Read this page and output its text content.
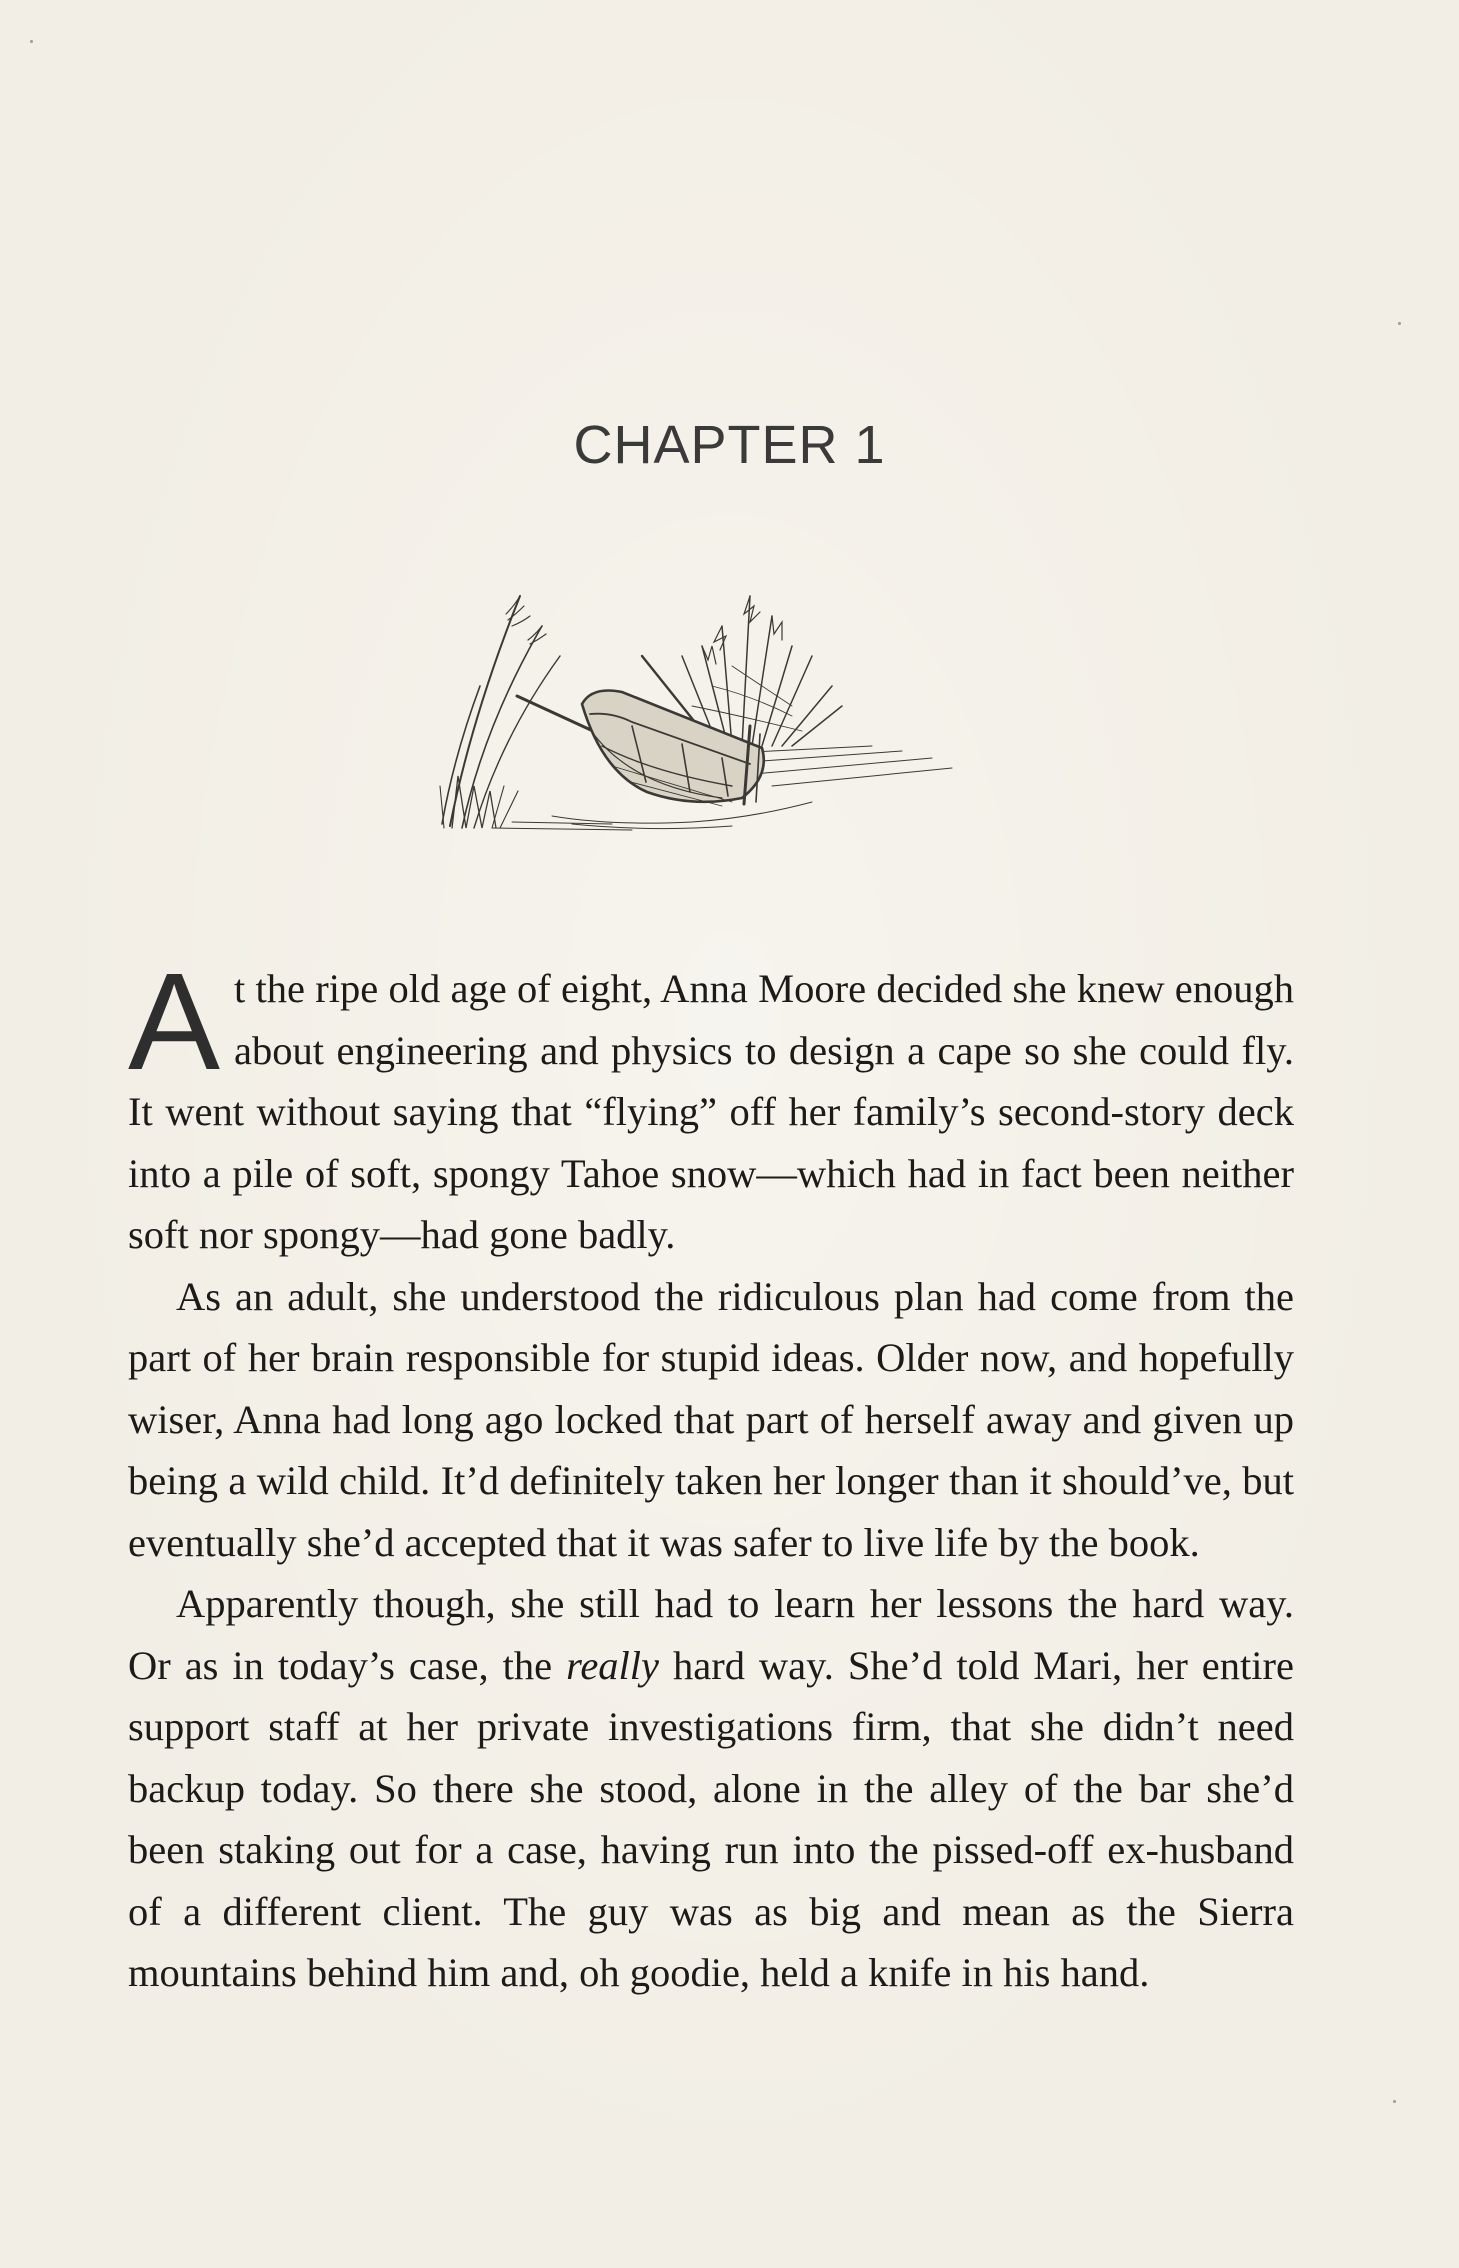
CHAPTER 1

At the ripe old age of eight, Anna Moore decided she knew enough about engineering and physics to design a cape so she could fly. It went without saying that “flying” off her family’s second-story deck into a pile of soft, spongy Tahoe snow—which had in fact been neither soft nor spongy—had gone badly.

As an adult, she understood the ridiculous plan had come from the part of her brain responsible for stupid ideas. Older now, and hopefully wiser, Anna had long ago locked that part of herself away and given up being a wild child. It’d definitely taken her longer than it should’ve, but eventually she’d accepted that it was safer to live life by the book.

Apparently though, she still had to learn her lessons the hard way. Or as in today’s case, the really hard way. She’d told Mari, her entire support staff at her private investigations firm, that she didn’t need backup today. So there she stood, alone in the alley of the bar she’d been staking out for a case, having run into the pissed-off ex-husband of a different client. The guy was as big and mean as the Sierra mountains behind him and, oh goodie, held a knife in his hand.
